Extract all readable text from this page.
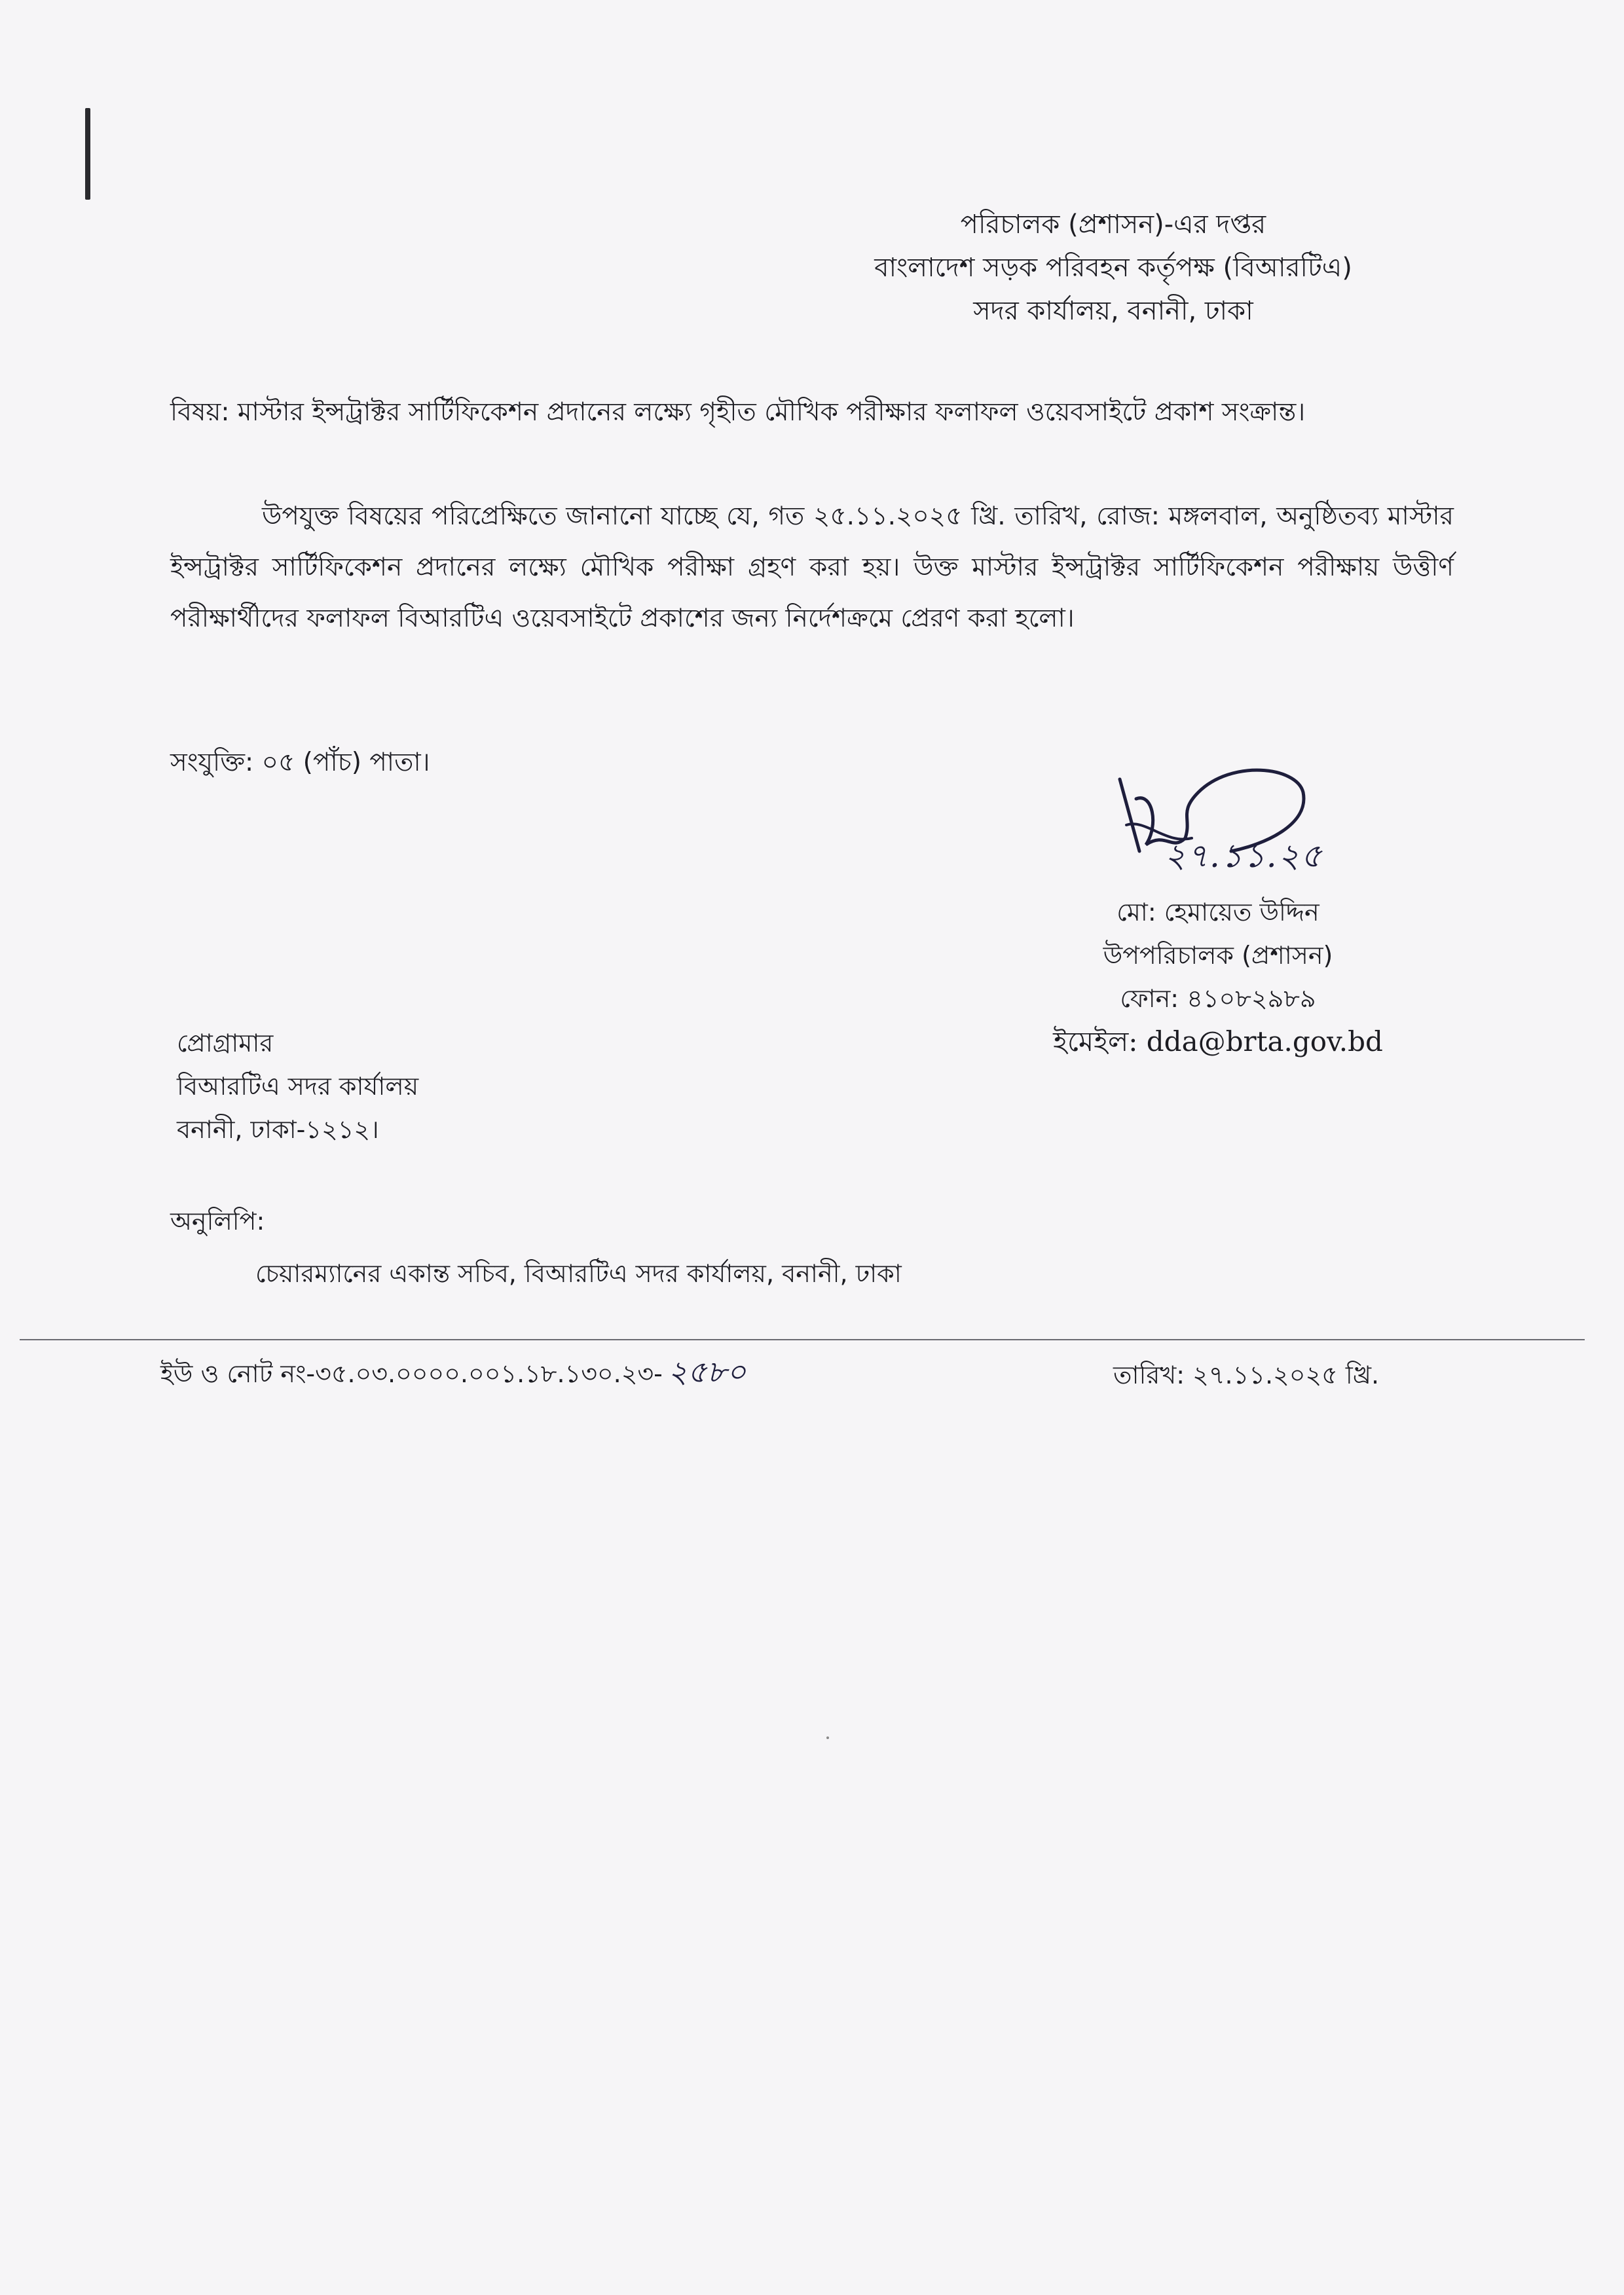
পরিচালক (প্রশাসন)-এর দপ্তর
বাংলাদেশ সড়ক পরিবহন কর্তৃপক্ষ (বিআরটিএ)
সদর কার্যালয়, বনানী, ঢাকা
বিষয়: মাস্টার ইন্সট্রাক্টর সার্টিফিকেশন প্রদানের লক্ষ্যে গৃহীত মৌখিক পরীক্ষার ফলাফল ওয়েবসাইটে প্রকাশ সংক্রান্ত।
উপযুক্ত বিষয়ের পরিপ্রেক্ষিতে জানানো যাচ্ছে যে, গত ২৫.১১.২০২৫ খ্রি. তারিখ, রোজ: মঙ্গলবাল, অনুষ্ঠিতব্য মাস্টার ইন্সট্রাক্টর সার্টিফিকেশন প্রদানের লক্ষ্যে মৌখিক পরীক্ষা গ্রহণ করা হয়। উক্ত মাস্টার ইন্সট্রাক্টর সার্টিফিকেশন পরীক্ষায় উত্তীর্ণ পরীক্ষার্থীদের ফলাফল বিআরটিএ ওয়েবসাইটে প্রকাশের জন্য নির্দেশক্রমে প্রেরণ করা হলো।
সংযুক্তি: ০৫ (পাঁচ) পাতা।
২৭.১১.২৫
মো: হেমায়েত উদ্দিন
উপপরিচালক (প্রশাসন)
ফোন: ৪১০৮২৯৮৯
ইমেইল: dda@brta.gov.bd
প্রোগ্রামার
বিআরটিএ সদর কার্যালয়
বনানী, ঢাকা-১২১২।
অনুলিপি:
চেয়ারম্যানের একান্ত সচিব, বিআরটিএ সদর কার্যালয়, বনানী, ঢাকা
ইউ ও নোট নং-৩৫.০৩.০০০০.০০১.১৮.১৩০.২৩- ২৫৮০	তারিখ: ২৭.১১.২০২৫ খ্রি.
